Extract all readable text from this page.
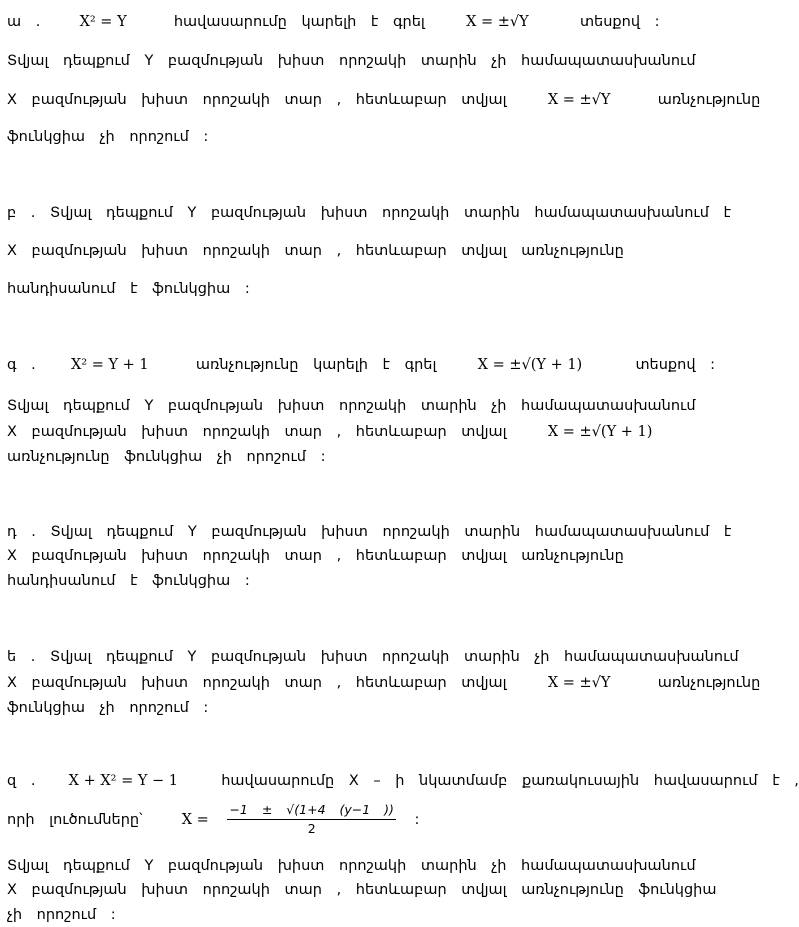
ա .	X² = Y	հավասարումը կարելի է գրել	X = ±√Y	տեսքով :
Տվյալ դեպքում Y բազմության խիստ որոշակի տարին չի համապատասխանում
X բազմության խիստ որոշակի տար , հետևաբար տվյալ	X = ±√Y	առնչությունը
ֆունկցիա չի որոշում :
բ . Տվյալ դեպքում Y բազմության խիստ որոշակի տարին համապատասխանում է
X բազմության խիստ որոշակի տար , հետևաբար տվյալ առնչությունը
հանդիսանում է ֆունկցիա :
գ . X² = Y + 1	առնչությունը կարելի է գրել	X = ±√(Y + 1)	տեսքով :
Տվյալ դեպքում Y բազմության խիստ որոշակի տարին չի համապատասխանում
X բազմության խիստ որոշակի տար , հետևաբար տվյալ	X = ±√(Y + 1)
առնչությունը ֆունկցիա չի որոշում :
դ . Տվյալ դեպքում Y բազմության խիստ որոշակի տարին համապատասխանում է
X բազմության խիստ որոշակի տար , հետևաբար տվյալ առնչությունը
հանդիսանում է ֆունկցիա :
ե . Տվյալ դեպքում Y բազմության խիստ որոշակի տարին չի համապատասխանում
X բազմության խիստ որոշակի տար , հետևաբար տվյալ	X = ±√Y	առնչությունը
ֆունկցիա չի որոշում :
զ . X + X² = Y − 1	հավասարումը X – ի նկատմամբ քառակուսային հավասարում է ,
որի լուծումները՝	$X = \frac{-1 \pm √(1+4 (y-1 ))}{2}$ :
Տվյալ դեպքում Y բազմության խիստ որոշակի տարին չի համապատասխանում
X բազմության խիստ որոշակի տար , հետևաբար տվյալ առնչությունը ֆունկցիա
չի որոշում :
